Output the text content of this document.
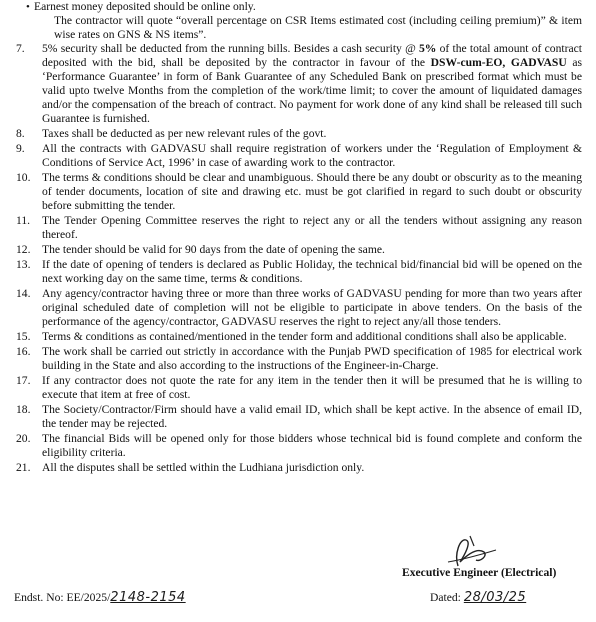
• Earnest money deposited should be online only.
The contractor will quote “overall percentage on CSR Items estimated cost (including ceiling premium)” & item wise rates on GNS & NS items”.
7.	5% security shall be deducted from the running bills. Besides a cash security @ 5% of the total amount of contract deposited with the bid, shall be deposited by the contractor in favour of the DSW-cum-EO, GADVASU as ‘Performance Guarantee’ in form of Bank Guarantee of any Scheduled Bank on prescribed format which must be valid upto twelve Months from the completion of the work/time limit; to cover the amount of liquidated damages and/or the compensation of the breach of contract. No payment for work done of any kind shall be released till such Guarantee is furnished.
8.	Taxes shall be deducted as per new relevant rules of the govt.
9.	All the contracts with GADVASU shall require registration of workers under the ‘Regulation of Employment & Conditions of Service Act, 1996’ in case of awarding work to the contractor.
10. The terms & conditions should be clear and unambiguous. Should there be any doubt or obscurity as to the meaning of tender documents, location of site and drawing etc. must be got clarified in regard to such doubt or obscurity before submitting the tender.
11.	The Tender Opening Committee reserves the right to reject any or all the tenders without assigning any reason thereof.
12. The tender should be valid for 90 days from the date of opening the same.
13. If the date of opening of tenders is declared as Public Holiday, the technical bid/financial bid will be opened on the next working day on the same time, terms & conditions.
14. Any agency/contractor having three or more than three works of GADVASU pending for more than two years after original scheduled date of completion will not be eligible to participate in above tenders. On the basis of the performance of the agency/contractor, GADVASU reserves the right to reject any/all those tenders.
15. Terms & conditions as contained/mentioned in the tender form and additional conditions shall also be applicable.
16. The work shall be carried out strictly in accordance with the Punjab PWD specification of 1985 for electrical work building in the State and also according to the instructions of the Engineer-in-Charge.
17. If any contractor does not quote the rate for any item in the tender then it will be presumed that he is willing to execute that item at free of cost.
18. The Society/Contractor/Firm should have a valid email ID, which shall be kept active. In the absence of email ID, the tender may be rejected.
20. The financial Bids will be opened only for those bidders whose technical bid is found complete and conform the eligibility criteria.
21. All the disputes shall be settled within the Ludhiana jurisdiction only.
Executive Engineer (Electrical)
Endst. No: EE/2025/2148-2154	Dated: 28/03/25
